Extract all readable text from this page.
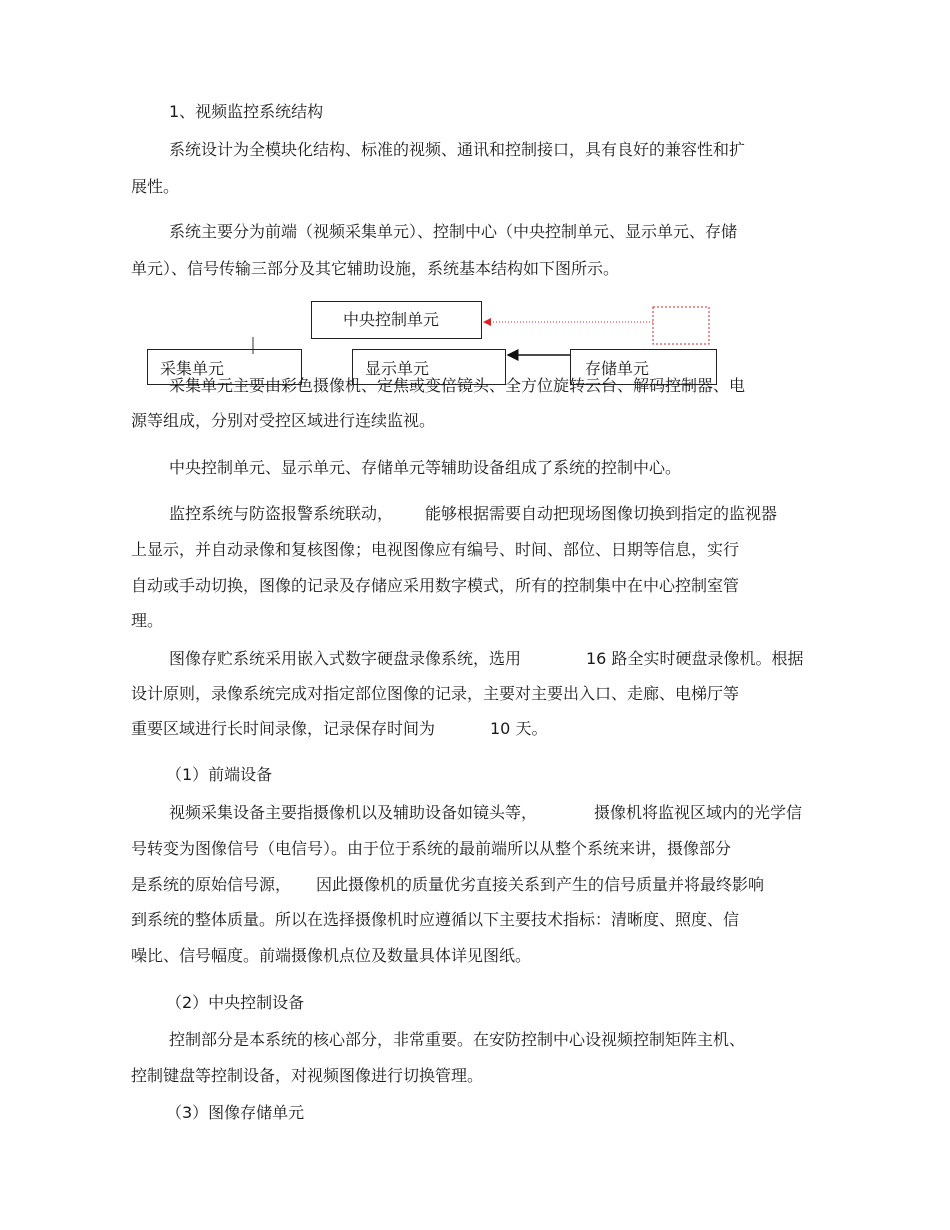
1、视频监控系统结构
系统设计为全模块化结构、标准的视频、通讯和控制接口，具有良好的兼容性和扩
展性。
系统主要分为前端（视频采集单元）、控制中心（中央控制单元、显示单元、存储
单元）、信号传输三部分及其它辅助设施，系统基本结构如下图所示。
中央控制单元
采集单元	显示单元	存储单元
采集单元主要由彩色摄像机、定焦或变倍镜头、全方位旋转云台、解码控制器、电
源等组成，分别对受控区域进行连续监视。
中央控制单元、显示单元、存储单元等辅助设备组成了系统的控制中心。
监控系统与防盗报警系统联动， 能够根据需要自动把现场图像切换到指定的监视器
上显示，并自动录像和复核图像；电视图像应有编号、时间、部位、日期等信息，实行
自动或手动切换，图像的记录及存储应采用数字模式，所有的控制集中在中心控制室管
理。
图像存贮系统采用嵌入式数字硬盘录像系统，选用	16 路全实时硬盘录像机。根据
设计原则，录像系统完成对指定部位图像的记录，主要对主要出入口、走廊、电梯厅等
重要区域进行长时间录像，记录保存时间为	10 天。
（1）前端设备
视频采集设备主要指摄像机以及辅助设备如镜头等，	摄像机将监视区域内的光学信
号转变为图像信号（电信号）。由于位于系统的最前端所以从整个系统来讲，摄像部分
是系统的原始信号源， 因此摄像机的质量优劣直接关系到产生的信号质量并将最终影响
到系统的整体质量。所以在选择摄像机时应遵循以下主要技术指标：清晰度、照度、信
噪比、信号幅度。前端摄像机点位及数量具体详见图纸。
（2）中央控制设备
控制部分是本系统的核心部分，非常重要。在安防控制中心设视频控制矩阵主机、
控制键盘等控制设备，对视频图像进行切换管理。
（3）图像存储单元
